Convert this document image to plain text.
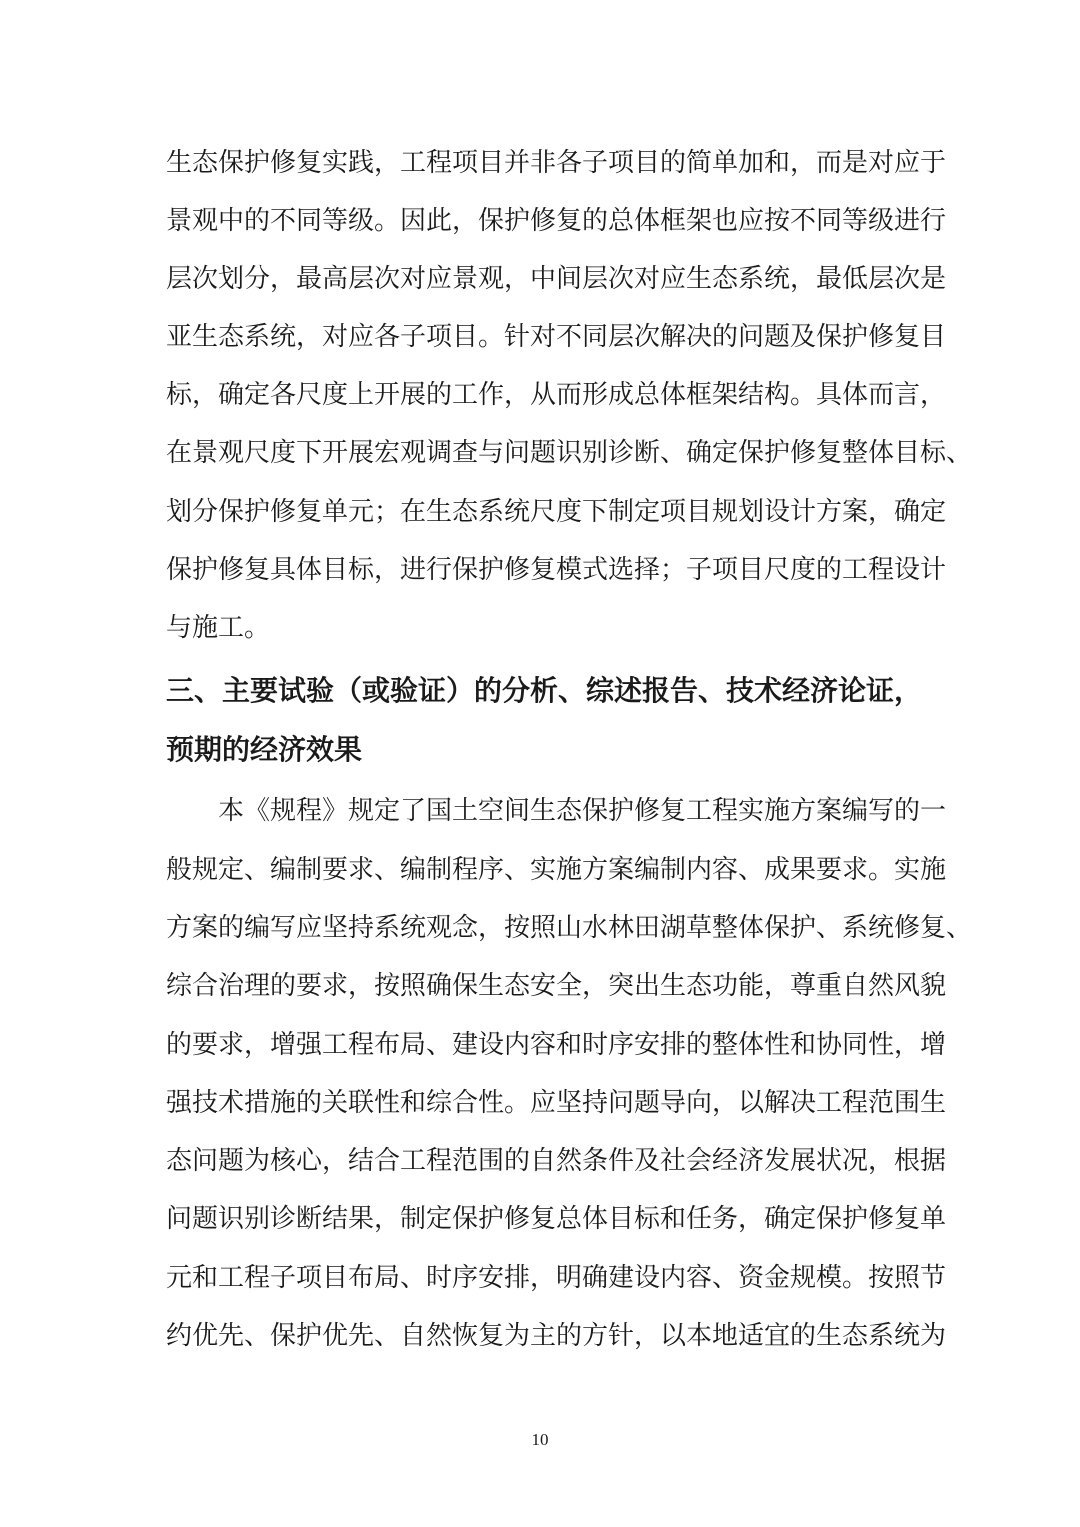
生态保护修复实践，工程项目并非各子项目的简单加和，而是对应于
景观中的不同等级。因此，保护修复的总体框架也应按不同等级进行
层次划分，最高层次对应景观，中间层次对应生态系统，最低层次是
亚生态系统，对应各子项目。针对不同层次解决的问题及保护修复目
标，确定各尺度上开展的工作，从而形成总体框架结构。具体而言，
在景观尺度下开展宏观调查与问题识别诊断、确定保护修复整体目标、
划分保护修复单元；在生态系统尺度下制定项目规划设计方案，确定
保护修复具体目标，进行保护修复模式选择；子项目尺度的工程设计
与施工。
三、主要试验（或验证）的分析、综述报告、技术经济论证，
预期的经济效果
本《规程》规定了国土空间生态保护修复工程实施方案编写的一
般规定、编制要求、编制程序、实施方案编制内容、成果要求。实施
方案的编写应坚持系统观念，按照山水林田湖草整体保护、系统修复、
综合治理的要求，按照确保生态安全，突出生态功能，尊重自然风貌
的要求，增强工程布局、建设内容和时序安排的整体性和协同性，增
强技术措施的关联性和综合性。应坚持问题导向，以解决工程范围生
态问题为核心，结合工程范围的自然条件及社会经济发展状况，根据
问题识别诊断结果，制定保护修复总体目标和任务，确定保护修复单
元和工程子项目布局、时序安排，明确建设内容、资金规模。按照节
约优先、保护优先、自然恢复为主的方针，以本地适宜的生态系统为
10
